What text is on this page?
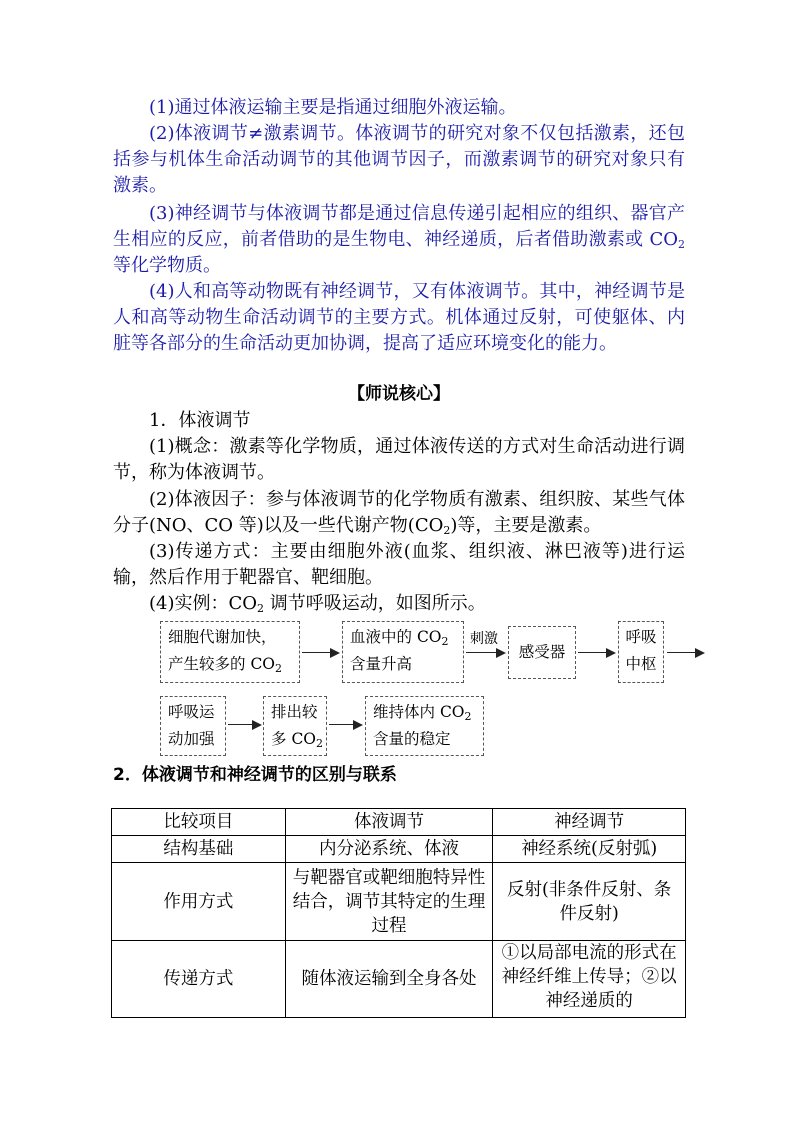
(1)通过体液运输主要是指通过细胞外液运输。
(2)体液调节≠激素调节。体液调节的研究对象不仅包括激素，还包括参与机体生命活动调节的其他调节因子，而激素调节的研究对象只有激素。
(3)神经调节与体液调节都是通过信息传递引起相应的组织、器官产生相应的反应，前者借助的是生物电、神经递质，后者借助激素或 $CO_2$ 等化学物质。
(4)人和高等动物既有神经调节，又有体液调节。其中，神经调节是人和高等动物生命活动调节的主要方式。机体通过反射，可使躯体、内脏等各部分的生命活动更加协调，提高了适应环境变化的能力。
【师说核心】
1．体液调节
(1)概念：激素等化学物质，通过体液传送的方式对生命活动进行调节，称为体液调节。
(2)体液因子：参与体液调节的化学物质有激素、组织胺、某些气体分子(NO、CO 等)以及一些代谢产物$(CO_2)$等，主要是激素。
(3)传递方式：主要由细胞外液(血浆、组织液、淋巴液等)进行运输，然后作用于靶器官、靶细胞。
(4)实例：$CO_2$ 调节呼吸运动，如图所示。
细胞代谢加快，
产生较多的 $CO_2$
血液中的 $CO_2$
含量升高
刺激
感受器
呼吸
中枢
呼吸运
动加强
排出较
多 $CO_2$
维持体内 $CO_2$
含量的稳定
2．体液调节和神经调节的区别与联系
比较项目	体液调节	神经调节
结构基础	内分泌系统、体液	神经系统(反射弧)
作用方式	与靶器官或靶细胞特异性结合，调节其特定的生理过程	反射(非条件反射、条件反射)
传递方式	随体液运输到全身各处	①以局部电流的形式在神经纤维上传导；②以神经递质的
